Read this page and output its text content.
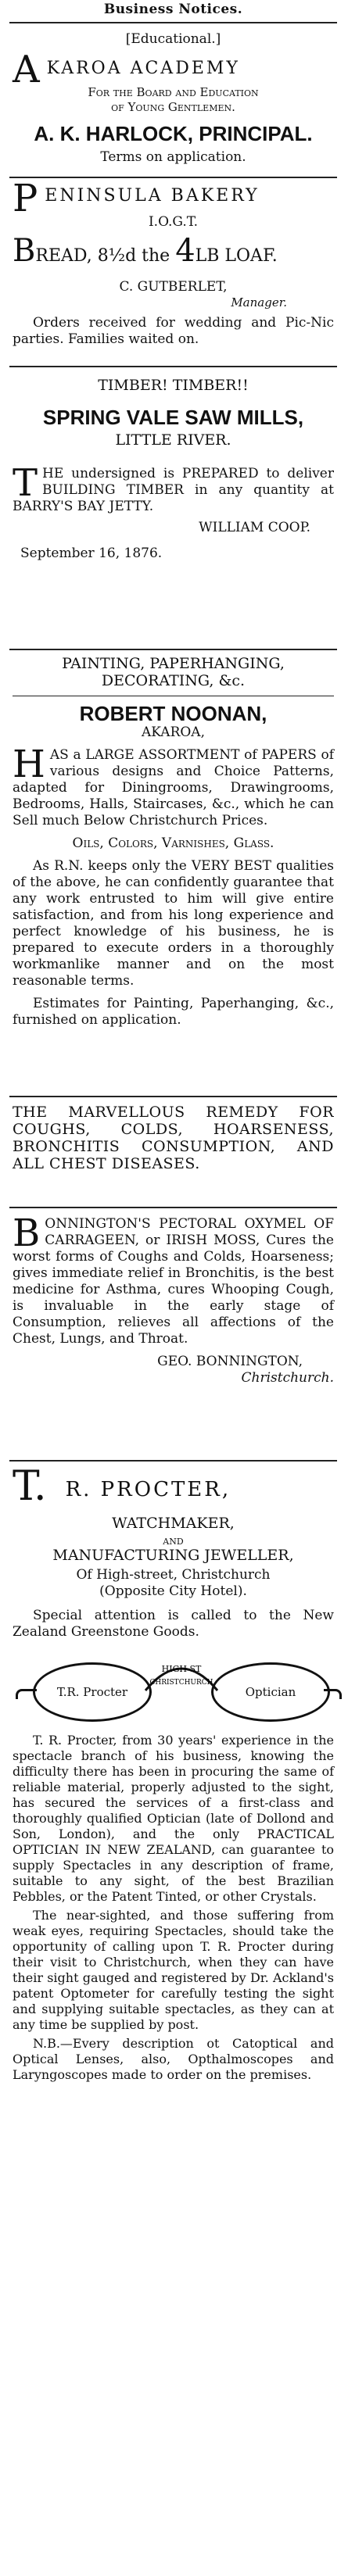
Business Notices.
[Educational.]
A KAROA ACADEMY
For the Board and Education
of Young Gentlemen.
A. K. HARLOCK, PRINCIPAL.
Terms on application.
P ENINSULA BAKERY
I.O.G.T.
BREAD, 8½d the 4LB LOAF.
C. GUTBERLET,
Manager.
Orders received for wedding and Pic-Nic parties. Families waited on.
TIMBER! TIMBER!!
SPRING VALE SAW MILLS,
LITTLE RIVER.
T HE undersigned is PREPARED to deliver BUILDING TIMBER in any quantity at BARRY'S BAY JETTY.
WILLIAM COOP.
September 16, 1876.
PAINTING, PAPERHANGING,
DECORATING, &c.
ROBERT NOONAN,
AKAROA,
H AS a LARGE ASSORTMENT of PAPERS of various designs and Choice Patterns, adapted for Diningrooms, Drawingrooms, Bedrooms, Halls, Staircases, &c., which he can Sell much Below Christchurch Prices.
Oils, Colors, Varnishes, Glass.
As R.N. keeps only the VERY BEST qualities of the above, he can confidently guarantee that any work entrusted to him will give entire satisfaction, and from his long experience and perfect knowledge of his business, he is prepared to execute orders in a thoroughly workmanlike manner and on the most reasonable terms.
Estimates for Painting, Paperhanging, &c., furnished on application.
THE MARVELLOUS REMEDY FOR COUGHS, COLDS, HOARSENESS, BRONCHITIS CONSUMPTION, AND ALL CHEST DISEASES.
B ONNINGTON'S PECTORAL OXYMEL OF CARRAGEEN, or IRISH MOSS, Cures the worst forms of Coughs and Colds, Hoarseness; gives immediate relief in Bronchitis, is the best medicine for Asthma, cures Whooping Cough, is invaluable in the early stage of Consumption, relieves all affections of the Chest, Lungs, and Throat.
GEO. BONNINGTON,
Christchurch.
T. R. PROCTER,
WATCHMAKER,
AND
MANUFACTURING JEWELLER,
Of High-street, Christchurch
(Opposite City Hotel).
Special attention is called to the New Zealand Greenstone Goods.
T.R. Procter
HIGH ST
CHRISTCHURCH
Optician
T. R. Procter, from 30 years' experience in the spectacle branch of his business, knowing the difficulty there has been in procuring the same of reliable material, properly adjusted to the sight, has secured the services of a first-class and thoroughly qualified Optician (late of Dollond and Son, London), and the only PRACTICAL OPTICIAN IN NEW ZEALAND, can guarantee to supply Spectacles in any description of frame, suitable to any sight, of the best Brazilian Pebbles, or the Patent Tinted, or other Crystals.
The near-sighted, and those suffering from weak eyes, requiring Spectacles, should take the opportunity of calling upon T. R. Procter during their visit to Christchurch, when they can have their sight gauged and registered by Dr. Ackland's patent Optometer for carefully testing the sight and supplying suitable spectacles, as they can at any time be supplied by post.
N.B.—Every description ot Catoptical and Optical Lenses, also, Opthalmoscopes and Laryngoscopes made to order on the premises.
